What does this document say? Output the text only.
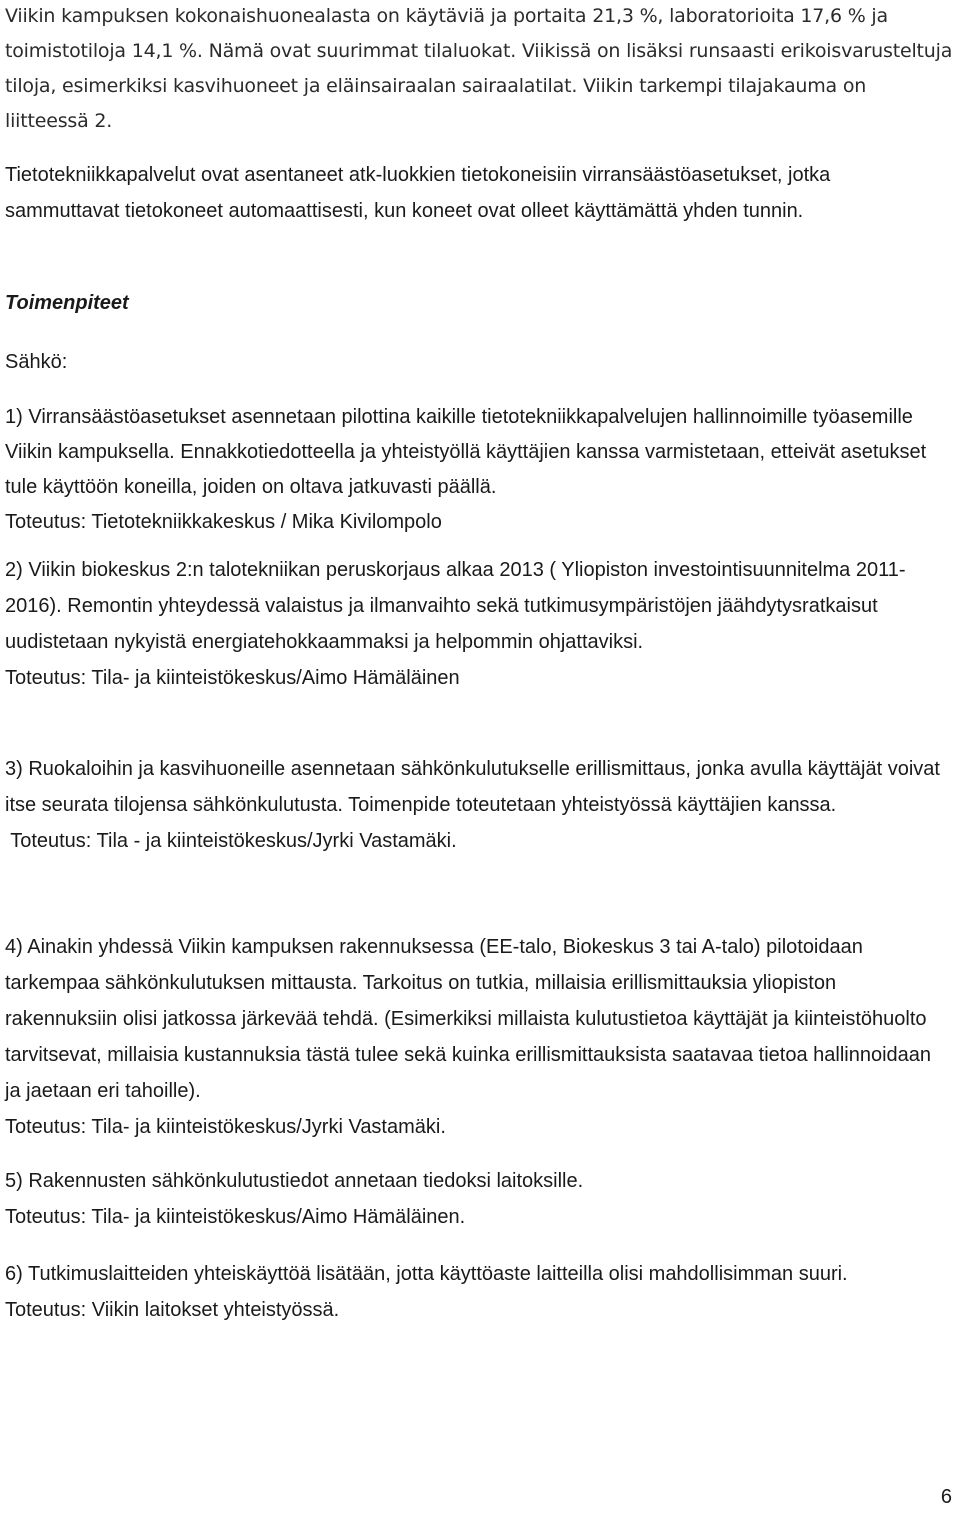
Viikin kampuksen kokonaishuonealasta on käytäviä ja portaita 21,3 %, laboratorioita 17,6 % ja toimistotiloja 14,1 %. Nämä ovat suurimmat tilaluokat. Viikissä on lisäksi runsaasti erikoisvarusteltuja tiloja, esimerkiksi kasvihuoneet ja eläinsairaalan sairaalatilat. Viikin tarkempi tilajakauma on liitteessä 2.

Tietotekniikkapalvelut ovat asentaneet atk-luokkien tietokoneisiin virransäästöasetukset, jotka sammuttavat tietokoneet automaattisesti, kun koneet ovat olleet käyttämättä yhden tunnin.

Toimenpiteet

Sähkö:

1) Virransäästöasetukset asennetaan pilottina kaikille tietotekniikkapalvelujen hallinnoimille työasemille Viikin kampuksella. Ennakkotiedotteella ja yhteistyöllä käyttäjien kanssa varmistetaan, etteivät asetukset tule käyttöön koneilla, joiden on oltava jatkuvasti päällä.

Toteutus: Tietotekniikkakeskus / Mika Kivilompolo

2) Viikin biokeskus 2:n talotekniikan peruskorjaus alkaa 2013 ( Yliopiston investointisuunnitelma 2011-2016). Remontin yhteydessä valaistus ja ilmanvaihto sekä tutkimusympäristöjen jäähdytysratkaisut uudistetaan nykyistä energiatehokkaammaksi ja helpommin ohjattaviksi.

Toteutus: Tila- ja kiinteistökeskus/Aimo Hämäläinen

3) Ruokaloihin ja kasvihuoneille asennetaan sähkönkulutukselle erillismittaus, jonka avulla käyttäjät voivat itse seurata tilojensa sähkönkulutusta. Toimenpide toteutetaan yhteistyössä käyttäjien kanssa.

Toteutus: Tila - ja kiinteistökeskus/Jyrki Vastamäki.

4) Ainakin yhdessä Viikin kampuksen rakennuksessa (EE-talo, Biokeskus 3 tai A-talo) pilotoidaan tarkempaa sähkönkulutuksen mittausta. Tarkoitus on tutkia, millaisia erillismittauksia yliopiston rakennuksiin olisi jatkossa järkevää tehdä. (Esimerkiksi millaista kulutustietoa käyttäjät ja kiinteistöhuolto tarvitsevat, millaisia kustannuksia tästä tulee sekä kuinka erillismittauksista saatavaa tietoa hallinnoidaan ja jaetaan eri tahoille).

Toteutus: Tila- ja kiinteistökeskus/Jyrki Vastamäki.

5) Rakennusten sähkönkulutustiedot annetaan tiedoksi laitoksille.

Toteutus: Tila- ja kiinteistökeskus/Aimo Hämäläinen.

6) Tutkimuslaitteiden yhteiskäyttöä lisätään, jotta käyttöaste laitteilla olisi mahdollisimman suuri.

Toteutus: Viikin laitokset yhteistyössä.

6
